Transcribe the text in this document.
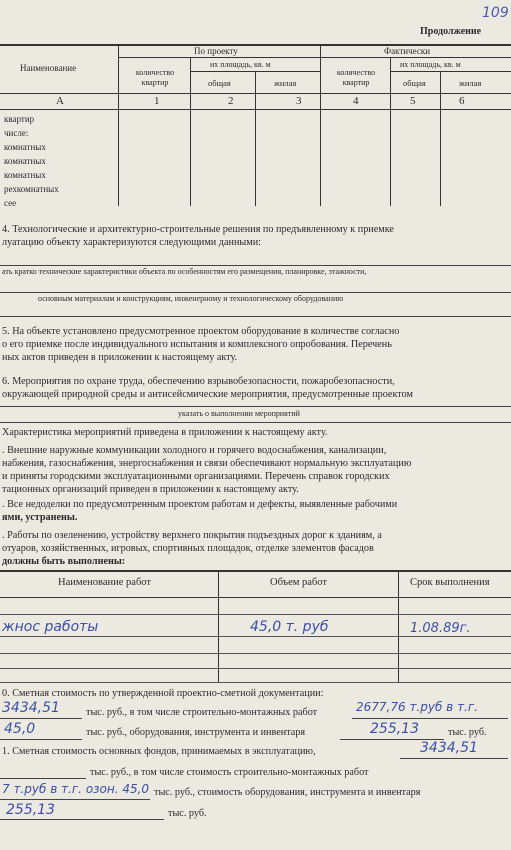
109
Продолжение
Наименование
По проекту	Фактически
количество квартир
количество квартир
их площадь, кв. м	их площадь, кв. м
общая	жилая	общая	жилая
А	1	2	3	4	5	6
квартир
числе:
комнатных
комнатных
комнатных
рехкомнатных
сее
4. Технологические и архитектурно-строительные решения по предъявленному к приемке
луатацию объекту характеризуются следующими данными:
ать кратко технические характеристики объекта по особенностям его размещения, планировке, этажности,
основным материалам и конструкциям, инженерному и технологическому оборудованию
5. На объекте установлено предусмотренное проектом оборудование в количестве согласно
о его приемке после индивидуального испытания и комплексного опробования. Перечень
ных актов приведен в приложении к настоящему акту.
6. Мероприятия по охране труда, обеспечению взрывобезопасности, пожаробезопасности,
окружающей природной среды и антисейсмические мероприятия, предусмотренные проектом
указать о выполнении мероприятий
Характеристика мероприятий приведена в приложении к настоящему акту.
. Внешние наружные коммуникации холодного и горячего водоснабжения, канализации,
набжения, газоснабжения, энергоснабжения и связи обеспечивают нормальную эксплуатацию
и приняты городскими эксплуатационными организациями. Перечень справок городских
тационных организаций приведен в приложении к настоящему акту.
. Все недоделки по предусмотренным проектом работам и дефекты, выявленные рабочими
ями, устранены.
. Работы по озеленению, устройству верхнего покрытия подъездных дорог к зданиям, а
отуаров, хозяйственных, игровых, спортивных площадок, отделке элементов фасадов
должны быть выполнены:
Наименование работ	Объем работ	Срок выполнения
жнос работы	45,0 т. руб	1.08.89г.
0. Сметная стоимость по утвержденной проектно-сметной документации:
3434,51	тыс. руб., в том числе строительно-монтажных работ	2677,76 т.руб в т.г.
45,0	тыс. руб., оборудования, инструмента и инвентаря	255,13	тыс. руб.
1. Сметная стоимость основных фондов, принимаемых в эксплуатацию,	3434,51
тыс. руб., в том числе стоимость строительно-монтажных работ
7 т.руб в т.г. озон. 45,0 тыс. руб., стоимость оборудования, инструмента и инвентаря
255,13	тыс. руб.
